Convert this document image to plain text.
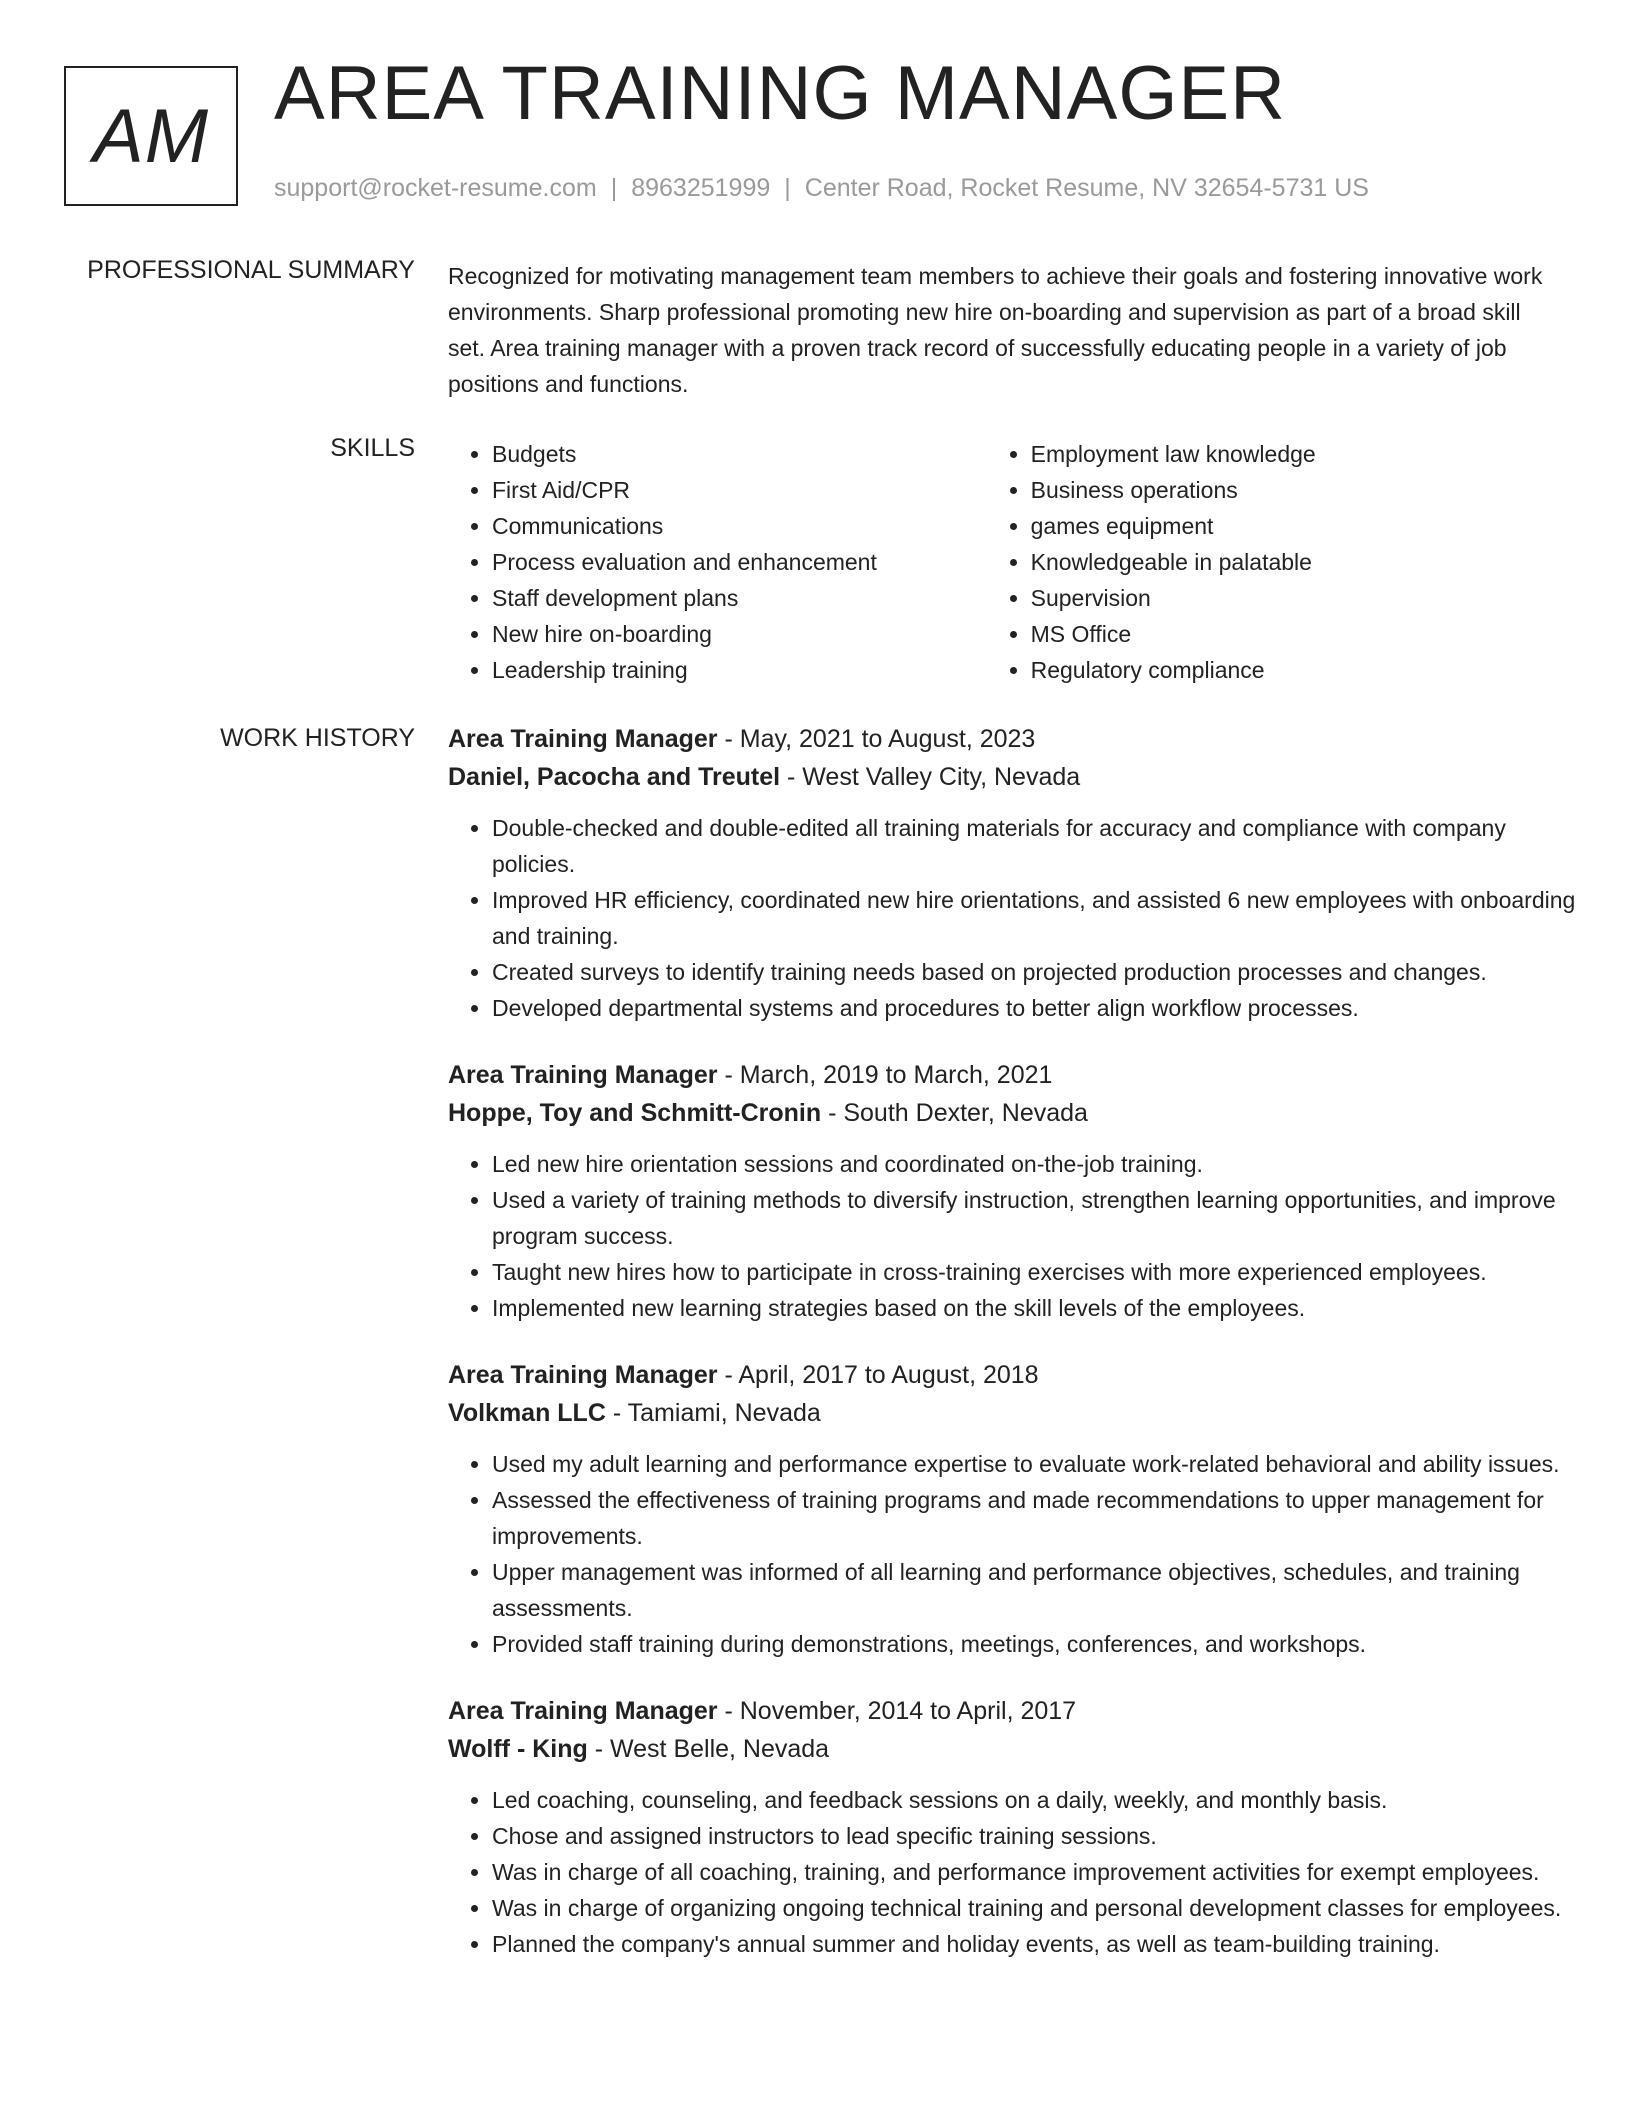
AM AREA TRAINING MANAGER
support@rocket-resume.com | 8963251999 | Center Road, Rocket Resume, NV 32654-5731 US
PROFESSIONAL SUMMARY Recognized for motivating management team members to achieve their goals and fostering innovative work environments. Sharp professional promoting new hire on-boarding and supervision as part of a broad skill set. Area training manager with a proven track record of successfully educating people in a variety of job positions and functions.
SKILLS
•	Budgets
• First Aid/CPR
• Communications
• Process evaluation and enhancement
• Staff development plans
• New hire on-boarding
• Leadership training
• Employment law knowledge
• Business operations
• games equipment
• Knowledgeable in palatable
• Supervision
• MS Office
• Regulatory compliance
WORK HISTORY Area Training Manager - May, 2021 to August, 2023
Daniel, Pacocha and Treutel - West Valley City, Nevada
• Double-checked and double-edited all training materials for accuracy and compliance with company policies.
• Improved HR efficiency, coordinated new hire orientations, and assisted 6 new employees with onboarding and training.
• Created surveys to identify training needs based on projected production processes and changes.
• Developed departmental systems and procedures to better align workflow processes.
Area Training Manager - March, 2019 to March, 2021
Hoppe, Toy and Schmitt-Cronin - South Dexter, Nevada
• Led new hire orientation sessions and coordinated on-the-job training.
• Used a variety of training methods to diversify instruction, strengthen learning opportunities, and improve program success.
• Taught new hires how to participate in cross-training exercises with more experienced employees.
• Implemented new learning strategies based on the skill levels of the employees.
Area Training Manager - April, 2017 to August, 2018
Volkman LLC - Tamiami, Nevada
• Used my adult learning and performance expertise to evaluate work-related behavioral and ability issues.
• Assessed the effectiveness of training programs and made recommendations to upper management for improvements.
• Upper management was informed of all learning and performance objectives, schedules, and training assessments.
• Provided staff training during demonstrations, meetings, conferences, and workshops.
Area Training Manager - November, 2014 to April, 2017
Wolff - King - West Belle, Nevada
• Led coaching, counseling, and feedback sessions on a daily, weekly, and monthly basis.
• Chose and assigned instructors to lead specific training sessions.
• Was in charge of all coaching, training, and performance improvement activities for exempt employees.
• Was in charge of organizing ongoing technical training and personal development classes for employees.
• Planned the company's annual summer and holiday events, as well as team-building training.
